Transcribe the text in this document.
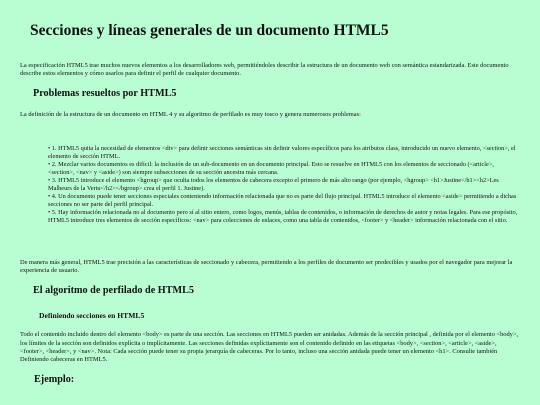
Secciones y líneas generales de un documento HTML5

La especificación HTML5 trae muchos nuevos elementos a los desarrolladores web, permitiéndoles describir la estructura de un documento web con semántica estandarizada. Este documento describe estos elementos y cómo usarlos para definir el perfil de cualquier documento.

Problemas resueltos por HTML5

La definición de la estructura de un documento en HTML 4 y su algoritmo de perfilado es muy tosco y genera numerosos problemas:

• 1. HTML5 quita la necesidad de elementos <div> para definir secciones semánticas sin definir valores específicos para los atributos class, introducido un nuevo elemento, <section>, el elemento de sección HTML.
• 2. Mezclar varios documentos es difícil: la inclusión de un sub-documento en un documento principal. Esto se resuelve en HTML5 con los elementos de seccionado (<article>, <section>, <nav> y <aside>) son siempre subsecciones de su sección ancestra más cercana.
• 3. HTML5 introduce el elemento <hgroup> que oculta todos los elementos de cabecera excepto el primero de más alto rango (por ejemplo, <hgroup> <h1>Justine</h1><h2>Les Malheurs de la Vertu</h2></hgroup> crea el perfil 1. Justine).
• 4. Un documento puede tener secciones especiales conteniendo información relacionada que no es parte del flujo principal. HTML5 introduce el elemento <aside> permitiendo a dichas secciones no ser parte del perfil principal.
• 5. Hay información relacionada no al documento pero sí al sitio entero, como logos, menús, tablas de contenidos, o información de derechos de autor y notas legales. Para ese propósito, HTML5 introduce tres elementos de sección específicos: <nav> para colecciones de enlaces, como una tabla de contenidos, <footer> y <header> información relacionada con el sitio.

De manera más general, HTML5 trae precisión a las características de seccionado y cabecera, permitiendo a los perfiles de documento ser predecibles y usados por el navegador para mejorar la experiencia de usuario.

El algoritmo de perfilado de HTML5
Definiendo secciones en HTML5

Todo el contenido incluido dentro del elemento <body> es parte de una sección. Las secciones en HTML5 pueden ser anidadas. Además de la sección principal , definida por el elemento <body>, los límites de la sección son definidos explícita o implícitamente. Las secciones definidas explícitamente son el contenido definido en las etiquetas <body>, <section>, <article>, <aside>, <footer>, <header>, y <nav>. Nota: Cada sección puede tener su propia jerarquía de cabeceras. Por lo tanto, incluso una sección anidada puede tener un elemento <h1>. Consulte también Definiendo cabeceras en HTML5.

Ejemplo:
